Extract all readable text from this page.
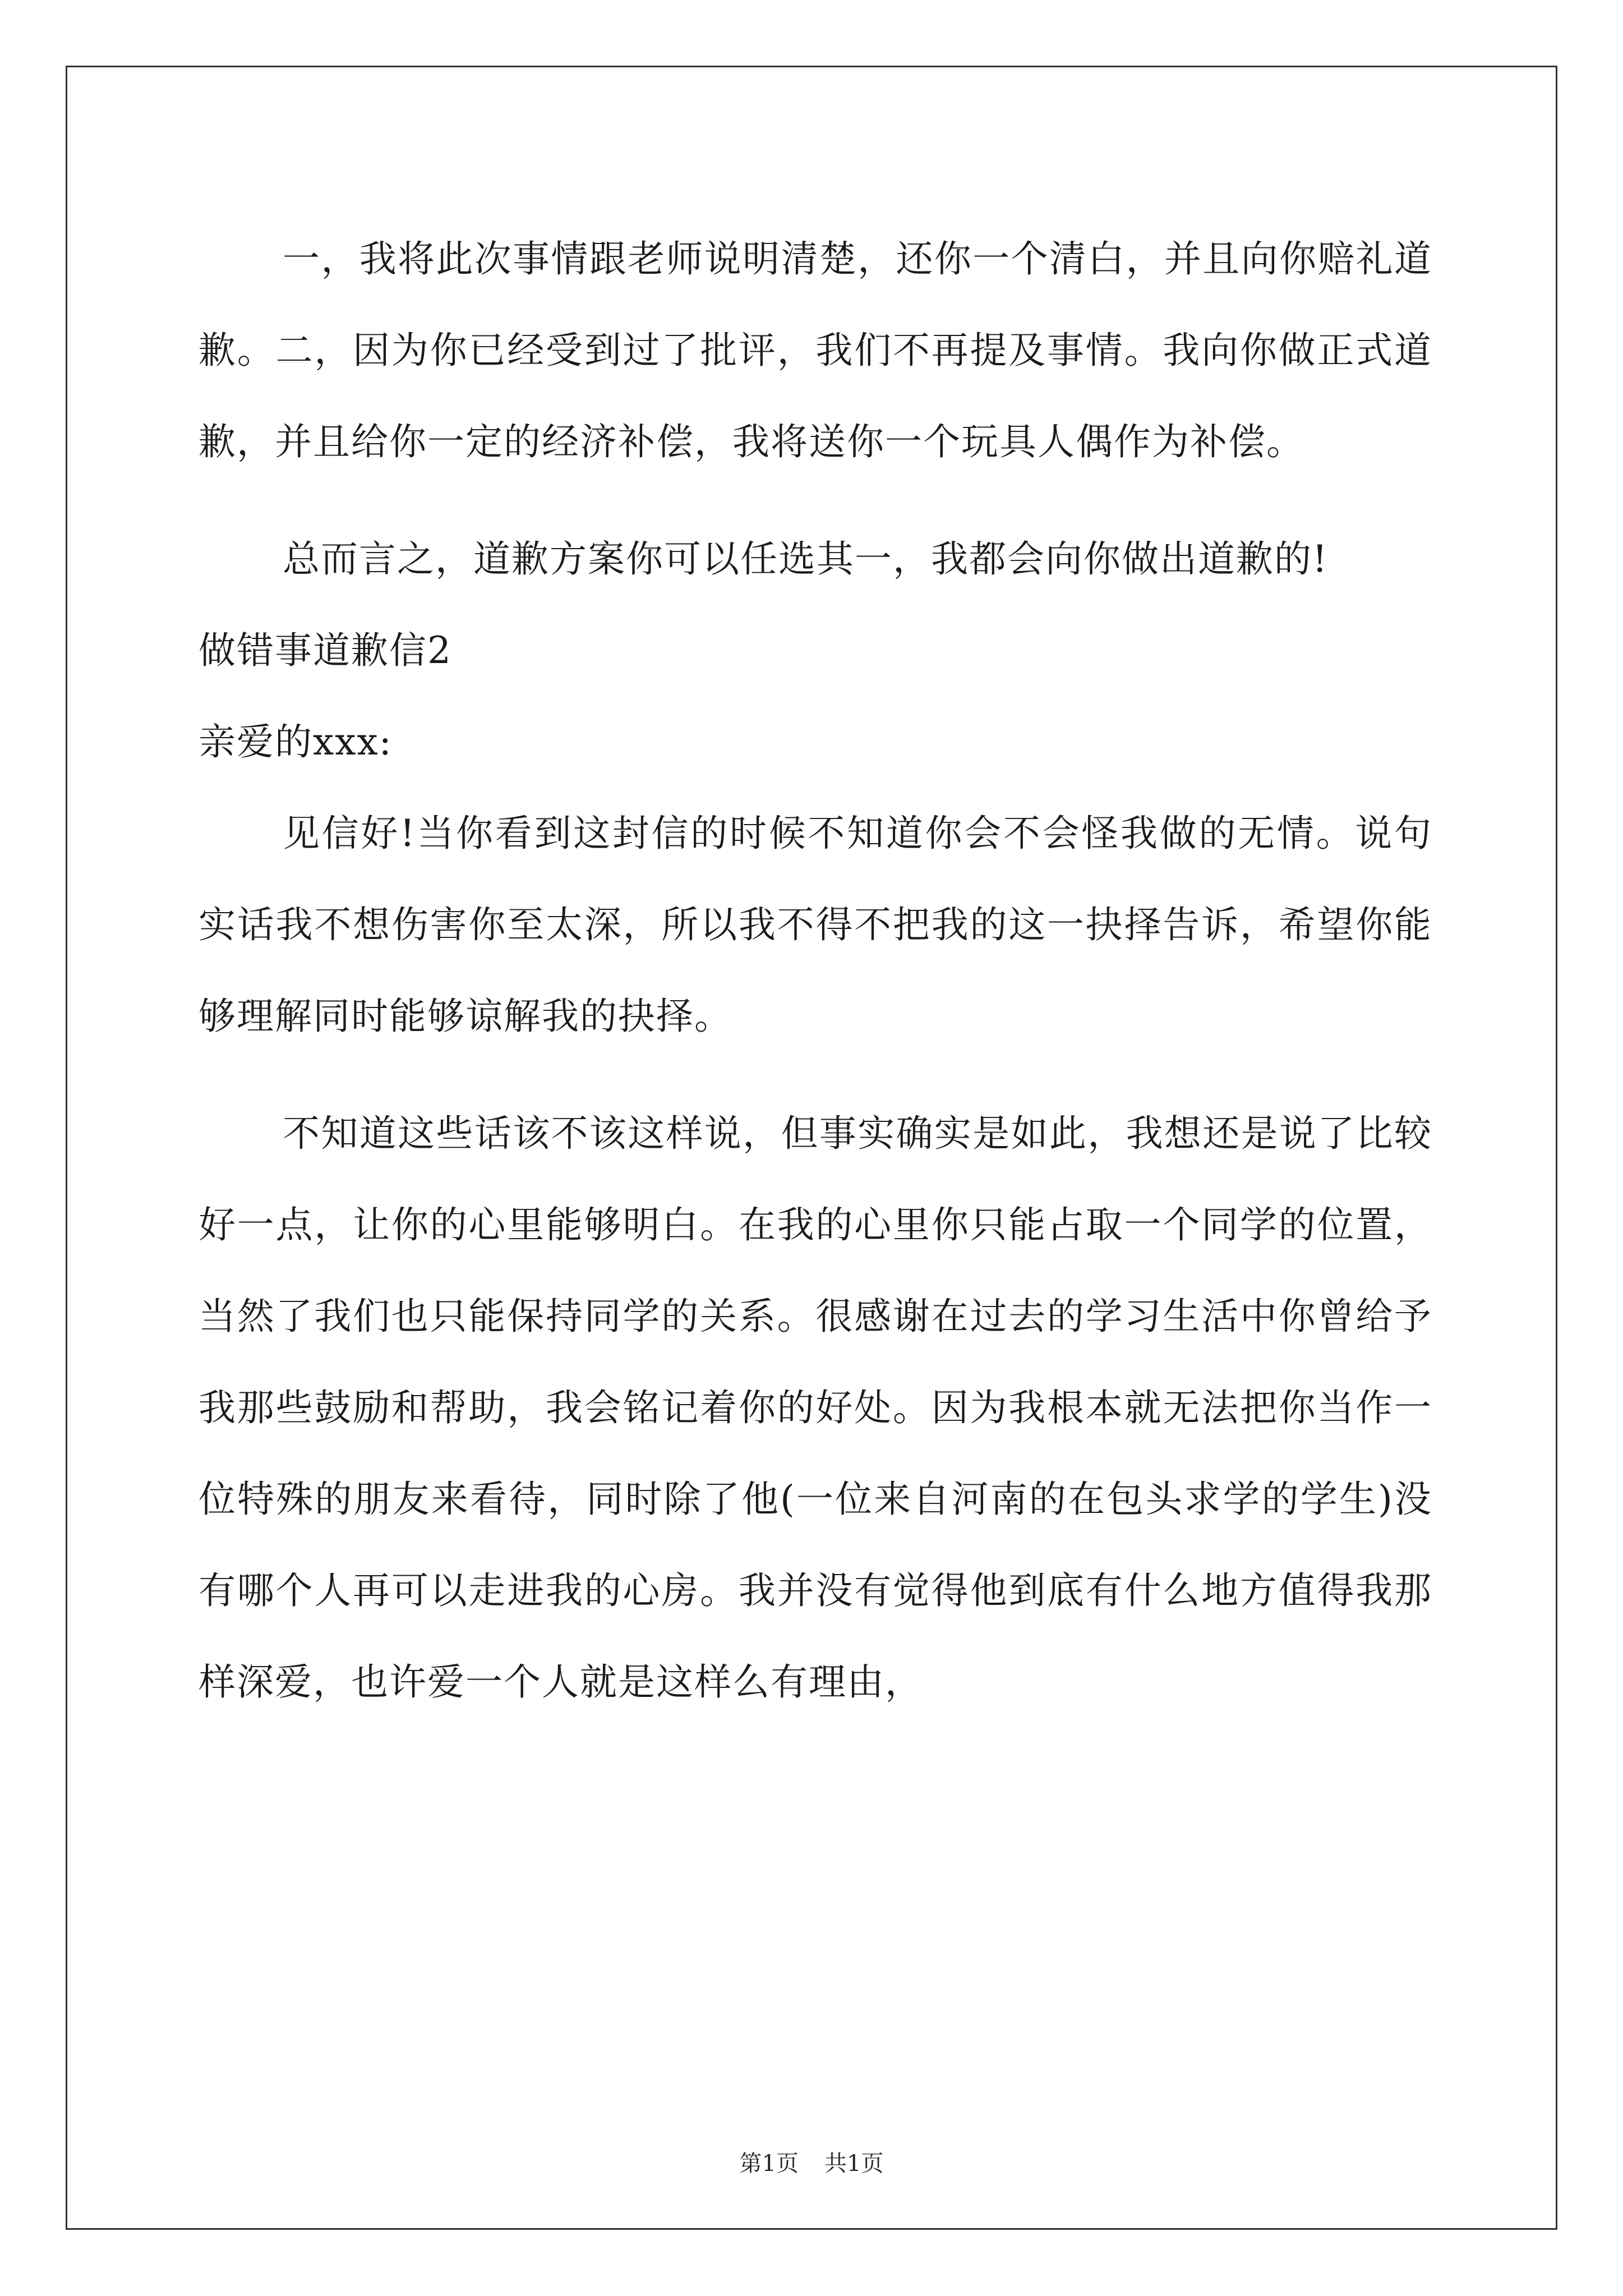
一，我将此次事情跟老师说明清楚，还你一个清白，并且向你赔礼道歉。二，因为你已经受到过了批评，我们不再提及事情。我向你做正式道歉，并且给你一定的经济补偿，我将送你一个玩具人偶作为补偿。

总而言之，道歉方案你可以任选其一，我都会向你做出道歉的!

做错事道歉信2

亲爱的xxx:

见信好!当你看到这封信的时候不知道你会不会怪我做的无情。说句实话我不想伤害你至太深，所以我不得不把我的这一抉择告诉，希望你能够理解同时能够谅解我的抉择。

不知道这些话该不该这样说，但事实确实是如此，我想还是说了比较好一点，让你的心里能够明白。在我的心里你只能占取一个同学的位置，当然了我们也只能保持同学的关系。很感谢在过去的学习生活中你曾给予我那些鼓励和帮助，我会铭记着你的好处。因为我根本就无法把你当作一位特殊的朋友来看待，同时除了他(一位来自河南的在包头求学的学生)没有哪个人再可以走进我的心房。我并没有觉得他到底有什么地方值得我那样深爱，也许爱一个人就是这样么有理由，

第1页 共1页
